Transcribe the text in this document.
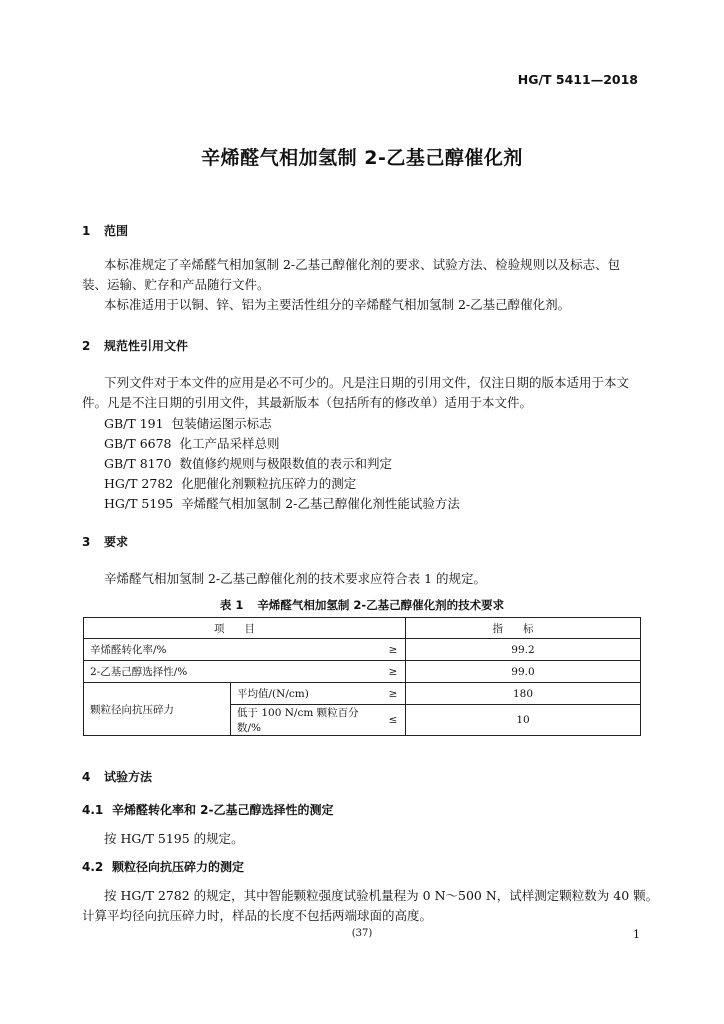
HG/T 5411—2018
辛烯醛气相加氢制 2-乙基己醇催化剂
1 范围
本标准规定了辛烯醛气相加氢制 2-乙基己醇催化剂的要求、试验方法、检验规则以及标志、包
装、运输、贮存和产品随行文件。
本标准适用于以铜、锌、铝为主要活性组分的辛烯醛气相加氢制 2-乙基己醇催化剂。
2 规范性引用文件
下列文件对于本文件的应用是必不可少的。凡是注日期的引用文件，仅注日期的版本适用于本文
件。凡是不注日期的引用文件，其最新版本（包括所有的修改单）适用于本文件。
GB/T 191 包装储运图示标志
GB/T 6678 化工产品采样总则
GB/T 8170 数值修约规则与极限数值的表示和判定
HG/T 2782 化肥催化剂颗粒抗压碎力的测定
HG/T 5195 辛烯醛气相加氢制 2-乙基己醇催化剂性能试验方法
3 要求
辛烯醛气相加氢制 2-乙基己醇催化剂的技术要求应符合表 1 的规定。
表 1 辛烯醛气相加氢制 2-乙基己醇催化剂的技术要求
项目			指标
辛烯醛转化率/%		≥	99.2
2-乙基己醇选择性/%		≥	99.0
颗粒径向抗压碎力	平均值/(N/cm)	≥	180
	低于 100 N/cm 颗粒百分数/%	≤	10
4 试验方法
4.1 辛烯醛转化率和 2-乙基己醇选择性的测定
按 HG/T 5195 的规定。
4.2 颗粒径向抗压碎力的测定
按 HG/T 2782 的规定，其中智能颗粒强度试验机量程为 0 N～500 N，试样测定颗粒数为 40 颗。
计算平均径向抗压碎力时，样品的长度不包括两端球面的高度。
(37)	1
